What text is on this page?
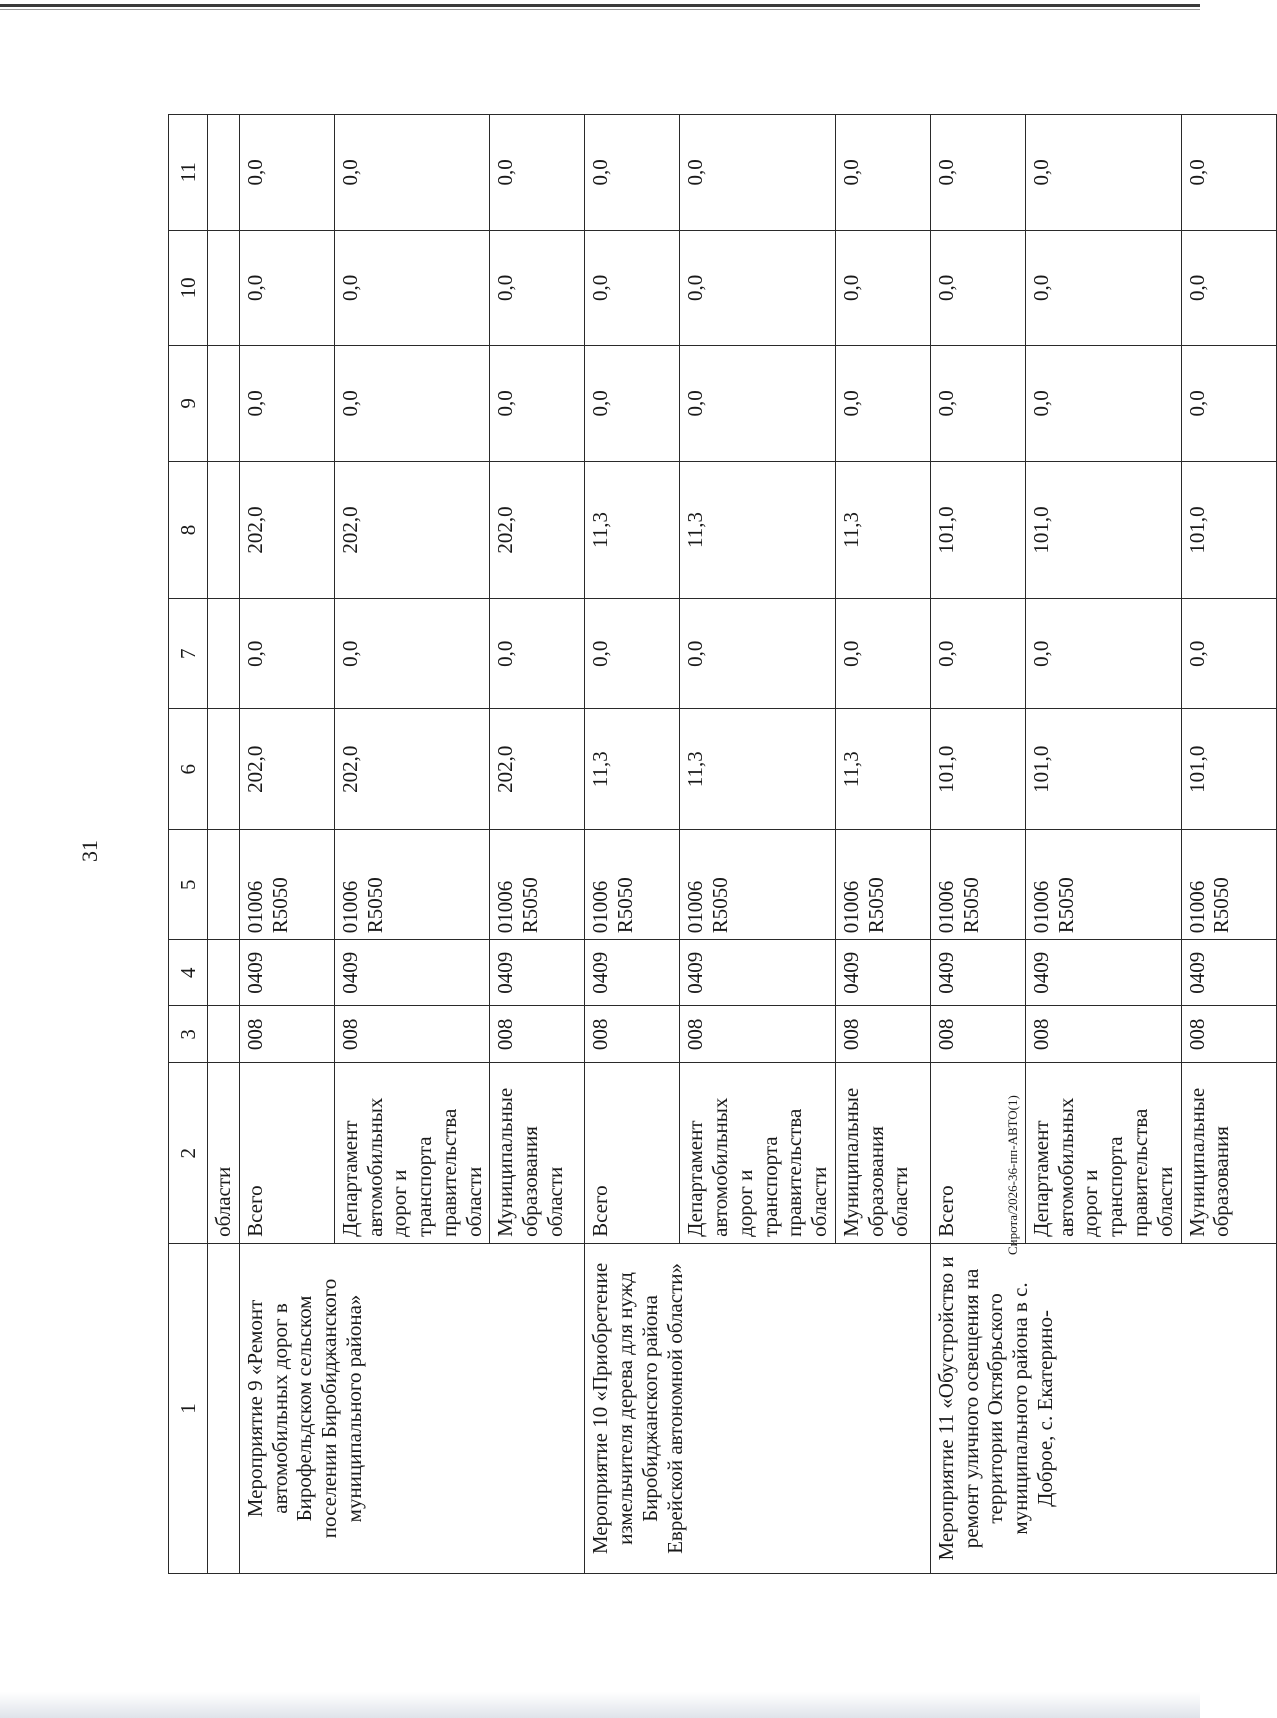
31
Сирота/2026-36-пп-АВТО(1)
1	2	3	4	5	6	7	8	9	10	11
	области									
Мероприятие 9 «Ремонт автомобильных дорог в Бирофельдском сельском поселении Биробиджанского муниципального района»	Всего	008	0409	01006 R5050	202,0	0,0	202,0	0,0	0,0	0,0
	Департамент автомобильных дорог и транспорта правительства области	008	0409	01006 R5050	202,0	0,0	202,0	0,0	0,0	0,0
	Муниципальные образования области	008	0409	01006 R5050	202,0	0,0	202,0	0,0	0,0	0,0
Мероприятие 10 «Приобретение измельчителя дерева для нужд Биробиджанского района Еврейской автономной области»	Всего	008	0409	01006 R5050	11,3	0,0	11,3	0,0	0,0	0,0
	Департамент автомобильных дорог и транспорта правительства области	008	0409	01006 R5050	11,3	0,0	11,3	0,0	0,0	0,0
	Муниципальные образования области	008	0409	01006 R5050	11,3	0,0	11,3	0,0	0,0	0,0
Мероприятие 11 «Обустройство и ремонт уличного освещения на территории Октябрьского муниципального района в с. Доброе, с. Екатерино-	Всего	008	0409	01006 R5050	101,0	0,0	101,0	0,0	0,0	0,0
	Департамент автомобильных дорог и транспорта правительства области	008	0409	01006 R5050	101,0	0,0	101,0	0,0	0,0	0,0
	Муниципальные образования	008	0409	01006 R5050	101,0	0,0	101,0	0,0	0,0	0,0
